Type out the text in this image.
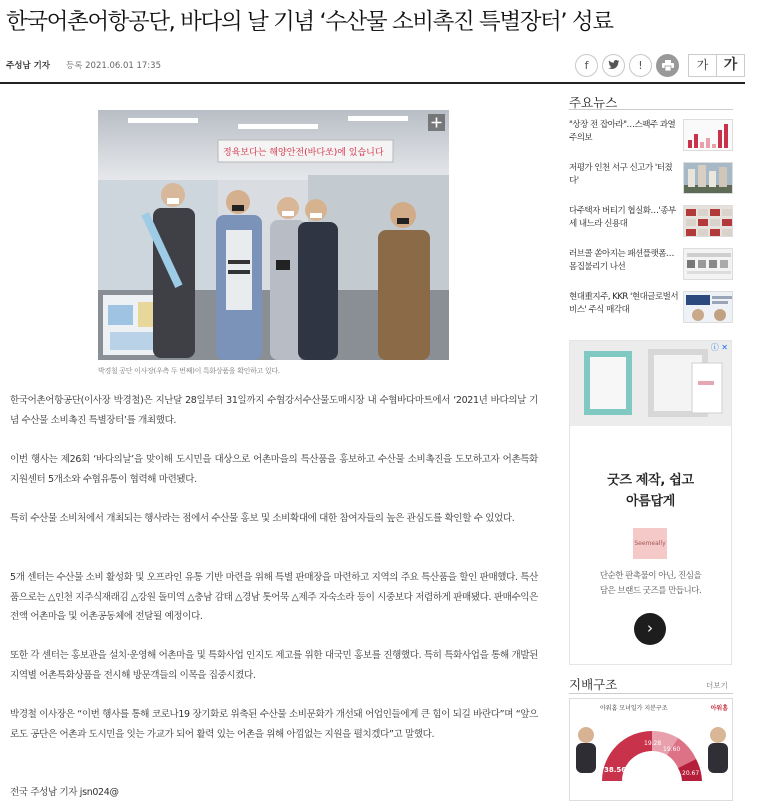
한국어촌어항공단, 바다의 날 기념 ‘수산물 소비촉진 특별장터’ 성료
주성남 기자 등록 2021.06.01 17:35	f	!	가	가
정육보다는 해양안전(바다쏘)에 있습니다
박경철 공단 이사장(우측 두 번째)이 특화상품을 확인하고 있다.

한국어촌어항공단(이사장 박경철)은 지난달 28일부터 31일까지 수협강서수산물도매시장 내 수협바다마트에서 ‘2021년 바다의날 기념 수산물 소비촉진 특별장터’를 개최했다.

이번 행사는 제26회 ‘바다의날’을 맞이해 도시민을 대상으로 어촌마을의 특산품을 홍보하고 수산물 소비촉진을 도모하고자 어촌특화지원센터 5개소와 수협유통이 협력해 마련됐다.

특히 수산물 소비처에서 개최되는 행사라는 점에서 수산물 홍보 및 소비확대에 대한 참여자들의 높은 관심도를 확인할 수 있었다.

5개 센터는 수산물 소비 활성화 및 오프라인 유통 기반 마련을 위해 특별 판매장을 마련하고 지역의 주요 특산품을 할인 판매했다. 특산품으로는 △인천 지주식재래김 △강원 돌미역 △충남 감태 △경남 톳어묵 △제주 자숙소라 등이 시중보다 저렴하게 판매됐다. 판매수익은 전액 어촌마을 및 어촌공동체에 전달될 예정이다.

또한 각 센터는 홍보관을 설치·운영해 어촌마을 및 특화사업 인지도 제고를 위한 대국민 홍보를 진행했다. 특히 특화사업을 통해 개발된 지역별 어촌특화상품을 전시해 방문객들의 이목을 집중시켰다.

박경철 이사장은 “이번 행사를 통해 코로나19 장기화로 위축된 수산물 소비문화가 개선돼 어업인들에게 큰 힘이 되길 바란다”며 “앞으로도 공단은 어촌과 도시민을 잇는 가교가 되어 활력 있는 어촌을 위해 아낌없는 지원을 펼치겠다”고 말했다.

전국 주성남 기자 jsn024@

주요뉴스
"상장 전 잡아라"…스팩주 과열 주의보
저평가 인천 서구 신고가 '터졌다'
다주택자 버티기 협실화…'종부세 내느라 신용대
러브콜 쏟아지는 패션플랫폼…몸집불리기 나선
현대重지주, KKR '현대글로벌서비스' 주식 매각대
ⓘ ✕
굿즈 제작, 쉽고
아름답게
Seemeally
단순한 판촉물이 아닌, 진심을
담은 브랜드 굿즈를 만듭니다.
›
지배구조	더보기
아워홈 모녀일가 지분구조	아워홈
38.56	20.67
19.60
19.28
